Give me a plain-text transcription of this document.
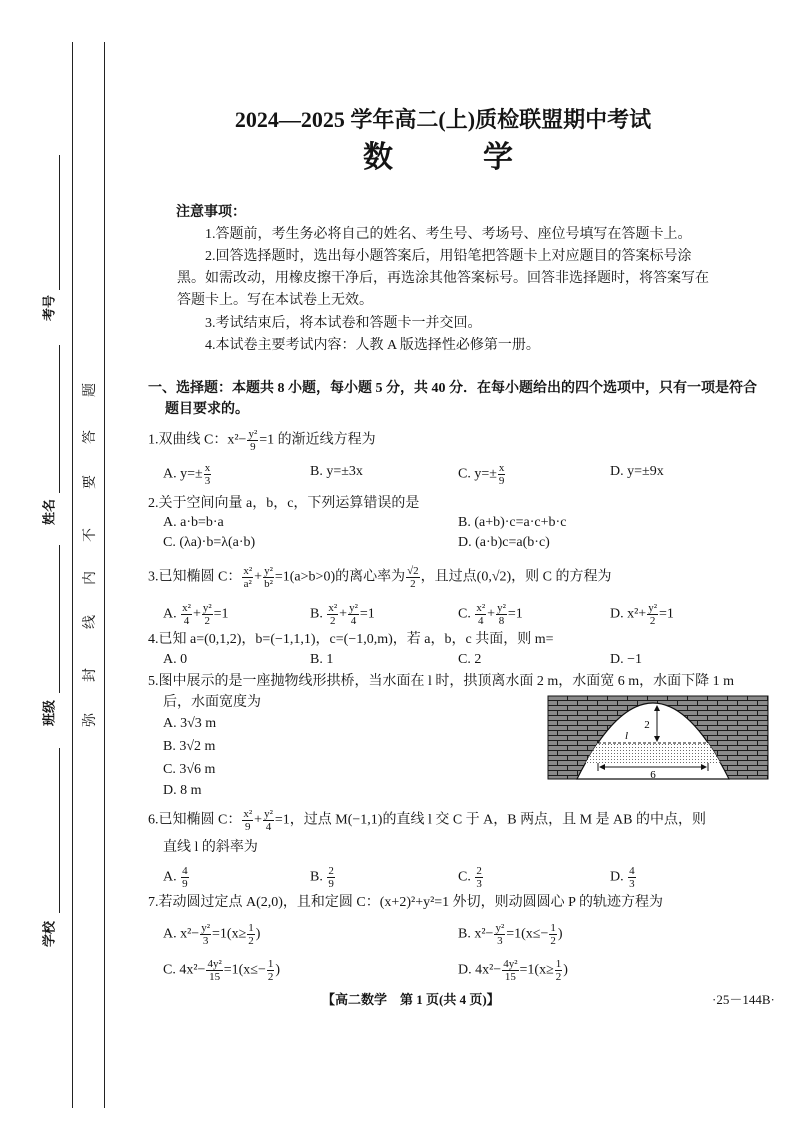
考号
姓名
班级
学校
弥
封
线
内
不
要
答
题
2024—2025 学年高二(上)质检联盟期中考试
数　　学
注意事项：
1.答题前，考生务必将自己的姓名、考生号、考场号、座位号填写在答题卡上。
2.回答选择题时，选出每小题答案后，用铅笔把答题卡上对应题目的答案标号涂
黑。如需改动，用橡皮擦干净后，再选涂其他答案标号。回答非选择题时，将答案写在
答题卡上。写在本试卷上无效。
3.考试结束后，将本试卷和答题卡一并交回。
4.本试卷主要考试内容：人教 A 版选择性必修第一册。
一、选择题：本题共 8 小题，每小题 5 分，共 40 分．在每小题给出的四个选项中，只有一项是符合
题目要求的。
1.双曲线 C：$x^2- \frac{\text{y²}}{9} =1$ 的渐近线方程为
A. $y=\pm \frac{x}{3}$	B. y=±3x	C. $y=\pm \frac{x}{9}$	D. y=±9x
2.关于空间向量 a，b，c，下列运算错误的是
A. a·b=b·a	B. (a+b)·c=a·c+b·c
C. (λa)·b=λ(a·b)	D. (a·b)c=a(b·c)
3.已知椭圆 C： $\frac{\text{x²}}{\text{a²}} + \frac{\text{y²}}{\text{b²}} =1(a>b>0)$的离心率为 $\frac{√2}{2}$ ，且过点(0,√2)，则 C 的方程为
A. $\frac{\text{x²}}{4} + \frac{\text{y²}}{2} =1$	B. $\frac{\text{x²}}{2} + \frac{\text{y²}}{4} =1$	C. $\frac{\text{x²}}{4} + \frac{\text{y²}}{8} =1$	D. $x^2+ \frac{\text{y²}}{2} =1$
4.已知 a=(0,1,2)，b=(−1,1,1)，c=(−1,0,m)，若 a，b，c 共面，则 m=
A. 0	B. 1	C. 2	D. −1
5.图中展示的是一座抛物线形拱桥，当水面在 l 时，拱顶离水面 2 m，水面宽 6 m，水面下降 1 m
后，水面宽度为
A. 3√3 m
B. 3√2 m
C. 3√6 m
D. 8 m
6.已知椭圆 C： $\frac{\text{x²}}{9} + \frac{\text{y²}}{4} =1$，过点 M(−1,1)的直线 l 交 C 于 A，B 两点，且 M 是 AB 的中点，则
直线 l 的斜率为
A. $\frac{4}{9}$	B. $\frac{2}{9}$	C. $\frac{2}{3}$	D. $\frac{4}{3}$
7.若动圆过定点 A(2,0)，且和定圆 C：(x+2)²+y²=1 外切，则动圆圆心 P 的轨迹方程为
A. $x^2- \frac{\text{y²}}{3} =1(x\ge \frac{1}{2}$ )	B. $x^2- \frac{\text{y²}}{3} =1(x\le- \frac{1}{2}$ )
C. $4x^2- \frac{\text{4y²}}{15} =1(x\le- \frac{1}{2}$ )	D. $4x^2- \frac{\text{4y²}}{15} =1(x\ge \frac{1}{2}$ )
2
l
6
【高二数学　第 1 页(共 4 页)】	·25－144B·
